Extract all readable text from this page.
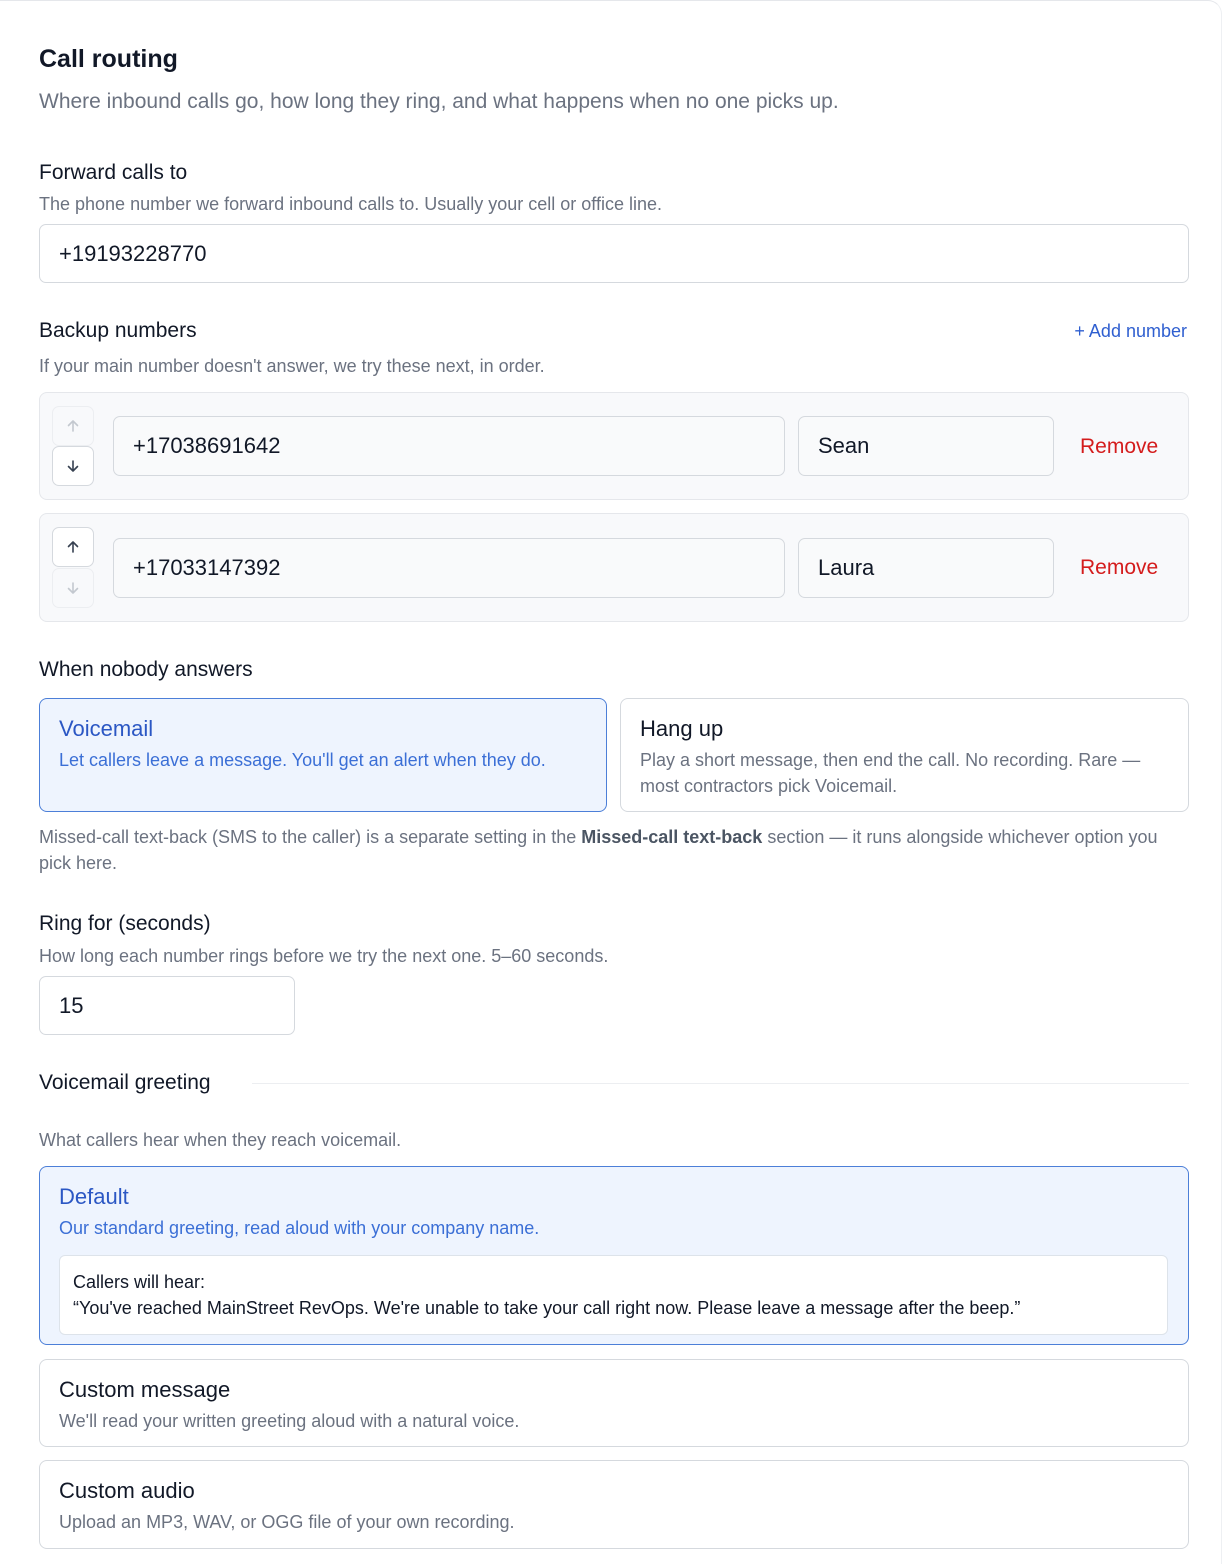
Call routing
Where inbound calls go, how long they ring, and what happens when no one picks up.
Forward calls to
The phone number we forward inbound calls to. Usually your cell or office line.
+19193228770
Backup numbers	+ Add number
If your main number doesn't answer, we try these next, in order.
+17038691642	Sean	Remove
+17033147392	Laura	Remove
When nobody answers
Voicemail
Let callers leave a message. You'll get an alert when they do.
Hang up
Play a short message, then end the call. No recording. Rare — most contractors pick Voicemail.
Missed-call text-back (SMS to the caller) is a separate setting in the Missed-call text-back section — it runs alongside whichever option you pick here.
Ring for (seconds)
How long each number rings before we try the next one. 5–60 seconds.
15
Voicemail greeting
What callers hear when they reach voicemail.
Default
Our standard greeting, read aloud with your company name.
Callers will hear:
“You've reached MainStreet RevOps. We're unable to take your call right now. Please leave a message after the beep.”
Custom message
We'll read your written greeting aloud with a natural voice.
Custom audio
Upload an MP3, WAV, or OGG file of your own recording.
